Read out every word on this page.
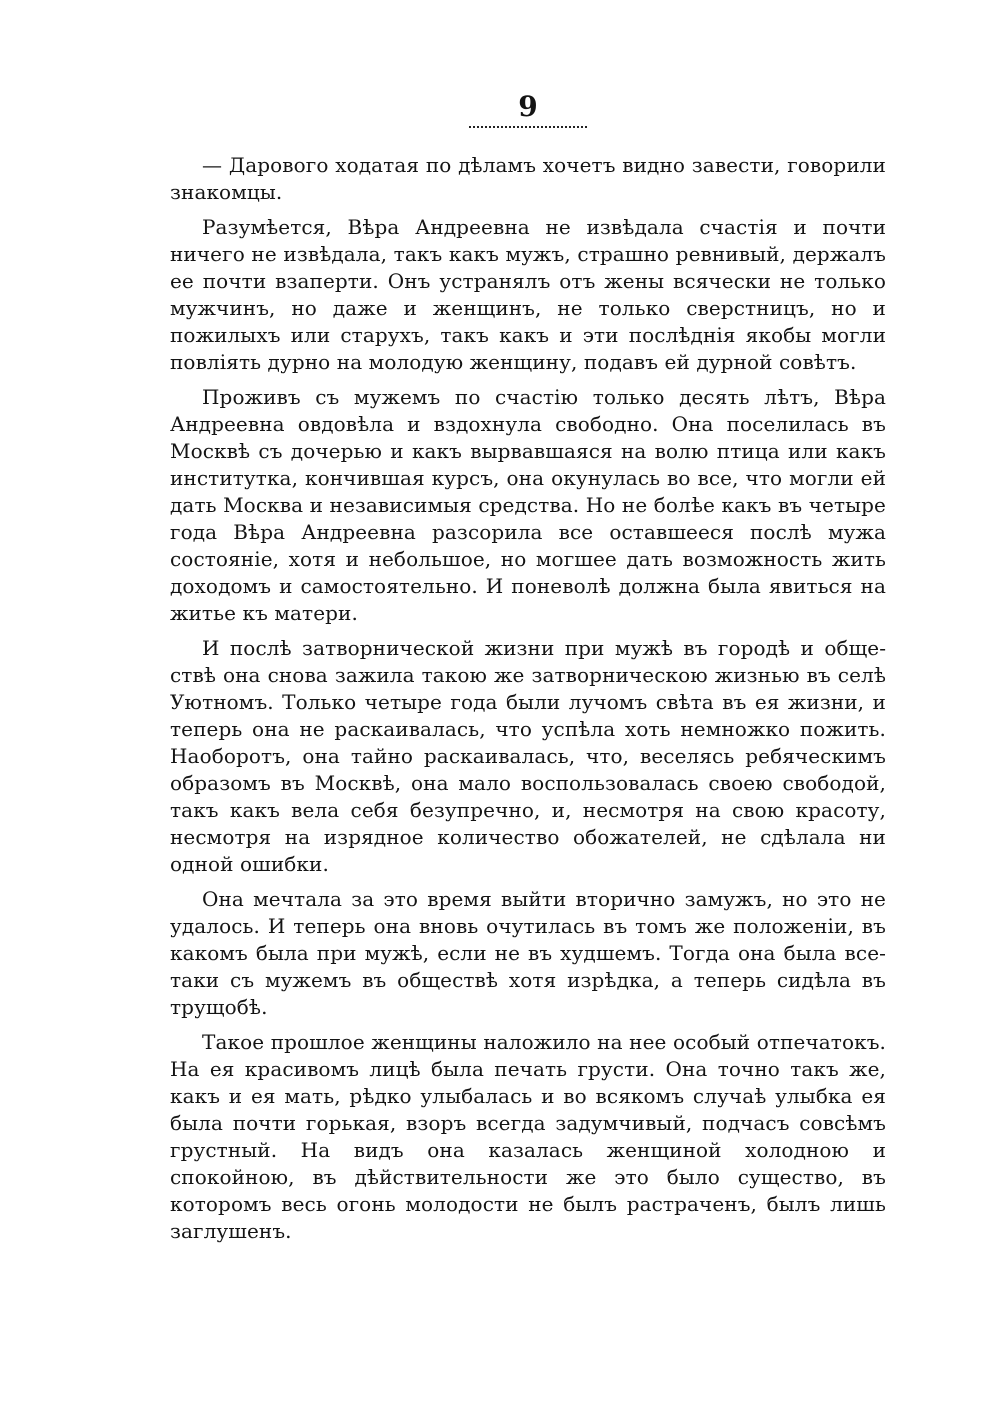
9

— Дарового ходатая по дѣламъ хочетъ видно завести, говорили знакомцы.

Разумѣется, Вѣра Андреевна не извѣдала счастія и почти ничего не извѣдала, такъ какъ мужъ, страшно ревнивый, держалъ ее почти взаперти. Онъ устранялъ отъ жены всячески не только мужчинъ, но даже и женщинъ, не только сверстницъ, но и пожилыхъ или старухъ, такъ какъ и эти послѣднія якобы могли повліять дурно на молодую женщину, подавъ ей дурной совѣтъ.

Проживъ съ мужемъ по счастію только десять лѣтъ, Вѣра Андреевна овдовѣла и вздохнула свободно. Она поселилась въ Москвѣ съ дочерью и какъ вырвавшаяся на волю птица или какъ институтка, кончившая курсъ, она окунулась во все, что могли ей дать Москва и независимыя средства. Но не болѣе какъ въ четыре года Вѣра Андреевна разсорила все оставшееся послѣ мужа состояніе, хотя и небольшое, но могшее дать возможность жить доходомъ и самостоятельно. И поневолѣ должна была явиться на житье къ матери.

И послѣ затворнической жизни при мужѣ въ городѣ и обществѣ она снова зажила такою же затворническою жизнью въ селѣ Уютномъ. Только четыре года были лучомъ свѣта въ ея жизни, и теперь она не раскаивалась, что успѣла хоть немножко пожить. Наоборотъ, она тайно раскаивалась, что, веселясь ребяческимъ образомъ въ Москвѣ, она мало воспользовалась своею свободой, такъ какъ вела себя безупречно, и, несмотря на свою красоту, несмотря на изрядное количество обожателей, не сдѣлала ни одной ошибки.

Она мечтала за это время выйти вторично замужъ, но это не удалось. И теперь она вновь очутилась въ томъ же положеніи, въ какомъ была при мужѣ, если не въ худшемъ. Тогда она была все-таки съ мужемъ въ обществѣ хотя изрѣдка, а теперь сидѣла въ трущобѣ.

Такое прошлое женщины наложило на нее особый отпечатокъ. На ея красивомъ лицѣ была печать грусти. Она точно такъ же, какъ и ея мать, рѣдко улыбалась и во всякомъ случаѣ улыбка ея была почти горькая, взоръ всегда задумчивый, подчасъ совсѣмъ грустный. На видъ она казалась женщиной холодною и спокойною, въ дѣйствительности же это было существо, въ которомъ весь огонь молодости не былъ растраченъ, былъ лишь заглушенъ.
